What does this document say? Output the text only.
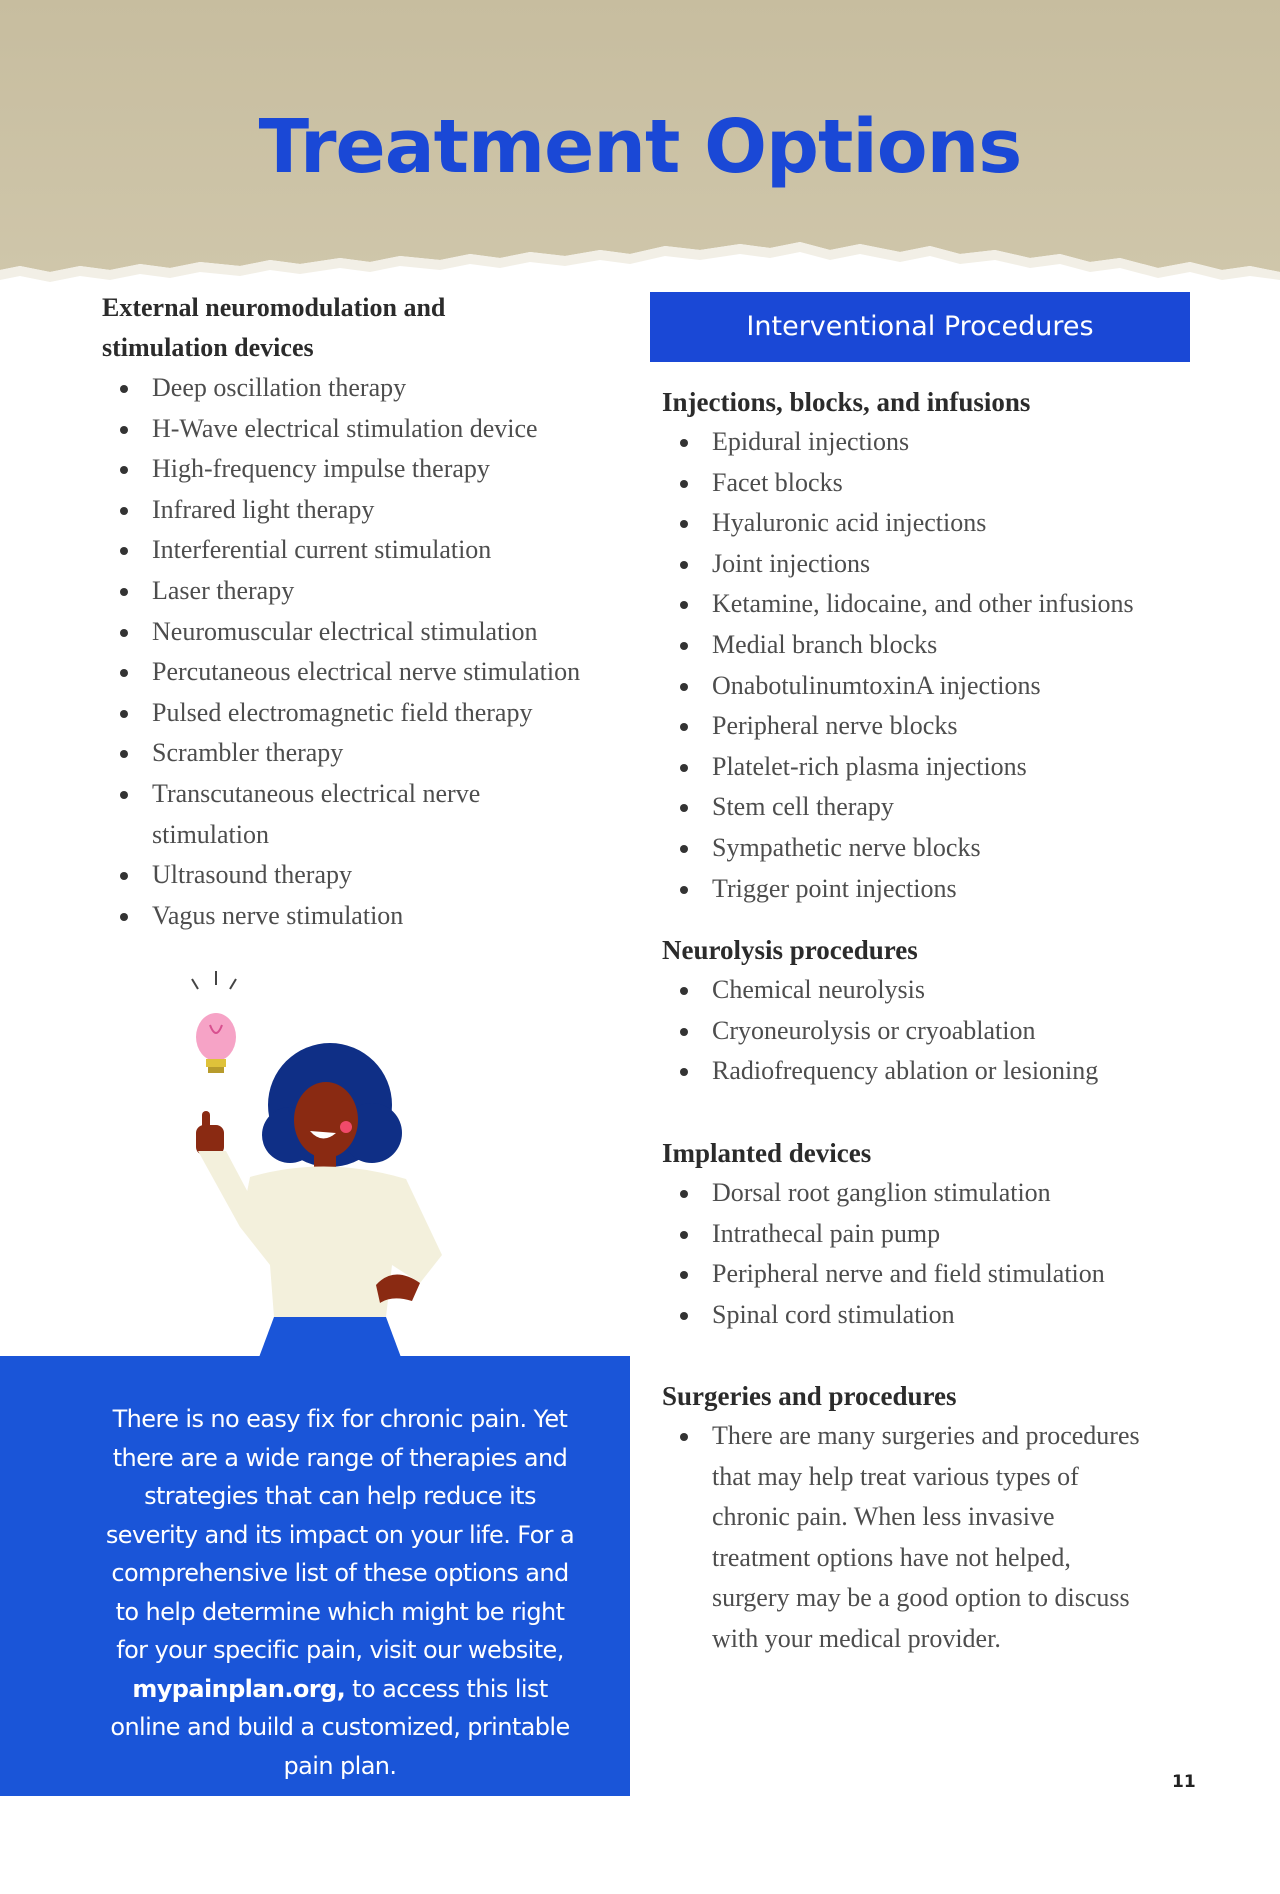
Treatment Options

External neuromodulation and
stimulation devices

Deep oscillation therapy
H-Wave electrical stimulation device
High-frequency impulse therapy
Infrared light therapy
Interferential current stimulation
Laser therapy
Neuromuscular electrical stimulation
Percutaneous electrical nerve stimulation
Pulsed electromagnetic field therapy
Scrambler therapy
Transcutaneous electrical nerve stimulation
Ultrasound therapy
Vagus nerve stimulation
Interventional Procedures

Injections, blocks, and infusions

Epidural injections
Facet blocks
Hyaluronic acid injections
Joint injections
Ketamine, lidocaine, and other infusions
Medial branch blocks
OnabotulinumtoxinA injections
Peripheral nerve blocks
Platelet-rich plasma injections
Stem cell therapy
Sympathetic nerve blocks
Trigger point injections

Neurolysis procedures

Chemical neurolysis
Cryoneurolysis or cryoablation
Radiofrequency ablation or lesioning

Implanted devices

Dorsal root ganglion stimulation
Intrathecal pain pump
Peripheral nerve and field stimulation
Spinal cord stimulation

Surgeries and procedures

There are many surgeries and procedures that may help treat various types of chronic pain. When less invasive treatment options have not helped, surgery may be a good option to discuss with your medical provider.

There is no easy fix for chronic pain. Yet there are a wide range of therapies and strategies that can help reduce its severity and its impact on your life. For a comprehensive list of these options and to help determine which might be right for your specific pain, visit our website, mypainplan.org, to access this list online and build a customized, printable pain plan.

11
